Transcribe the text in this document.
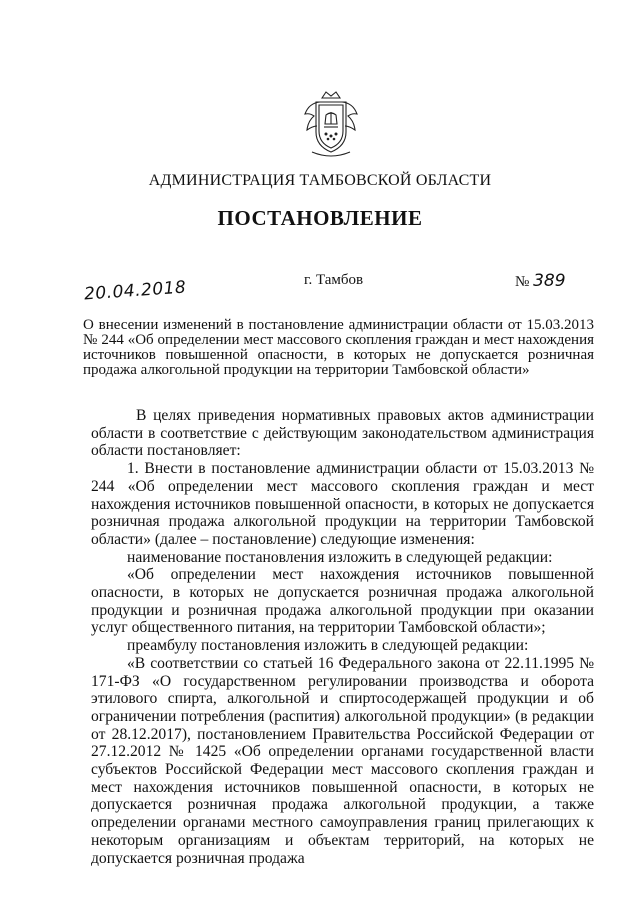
АДМИНИСТРАЦИЯ ТАМБОВСКОЙ ОБЛАСТИ
ПОСТАНОВЛЕНИЕ
20.04.2018	г. Тамбов	№ 389
О внесении изменений в постановление администрации области от 15.03.2013 № 244 «Об определении мест массового скопления граждан и мест нахождения источников повышенной опасности, в которых не допускается розничная продажа алкогольной продукции на территории Тамбовской области»

В целях приведения нормативных правовых актов администрации области в соответствие с действующим законодательством администрация области постановляет:

1. Внести в постановление администрации области от 15.03.2013 № 244 «Об определении мест массового скопления граждан и мест нахождения источников повышенной опасности, в которых не допускается розничная продажа алкогольной продукции на территории Тамбовской области» (далее – постановление) следующие изменения:

наименование постановления изложить в следующей редакции:

«Об определении мест нахождения источников повышенной опасности, в которых не допускается розничная продажа алкогольной продукции и розничная продажа алкогольной продукции при оказании услуг общественного питания, на территории Тамбовской области»;

преамбулу постановления изложить в следующей редакции:

«В соответствии со статьей 16 Федерального закона от 22.11.1995 № 171-ФЗ «О государственном регулировании производства и оборота этилового спирта, алкогольной и спиртосодержащей продукции и об ограничении потребления (распития) алкогольной продукции» (в редакции от 28.12.2017), постановлением Правительства Российской Федерации от 27.12.2012 № 1425 «Об определении органами государственной власти субъектов Российской Федерации мест массового скопления граждан и мест нахождения источников повышенной опасности, в которых не допускается розничная продажа алкогольной продукции, а также определении органами местного самоуправления границ прилегающих к некоторым организациям и объектам территорий, на которых не допускается розничная продажа
